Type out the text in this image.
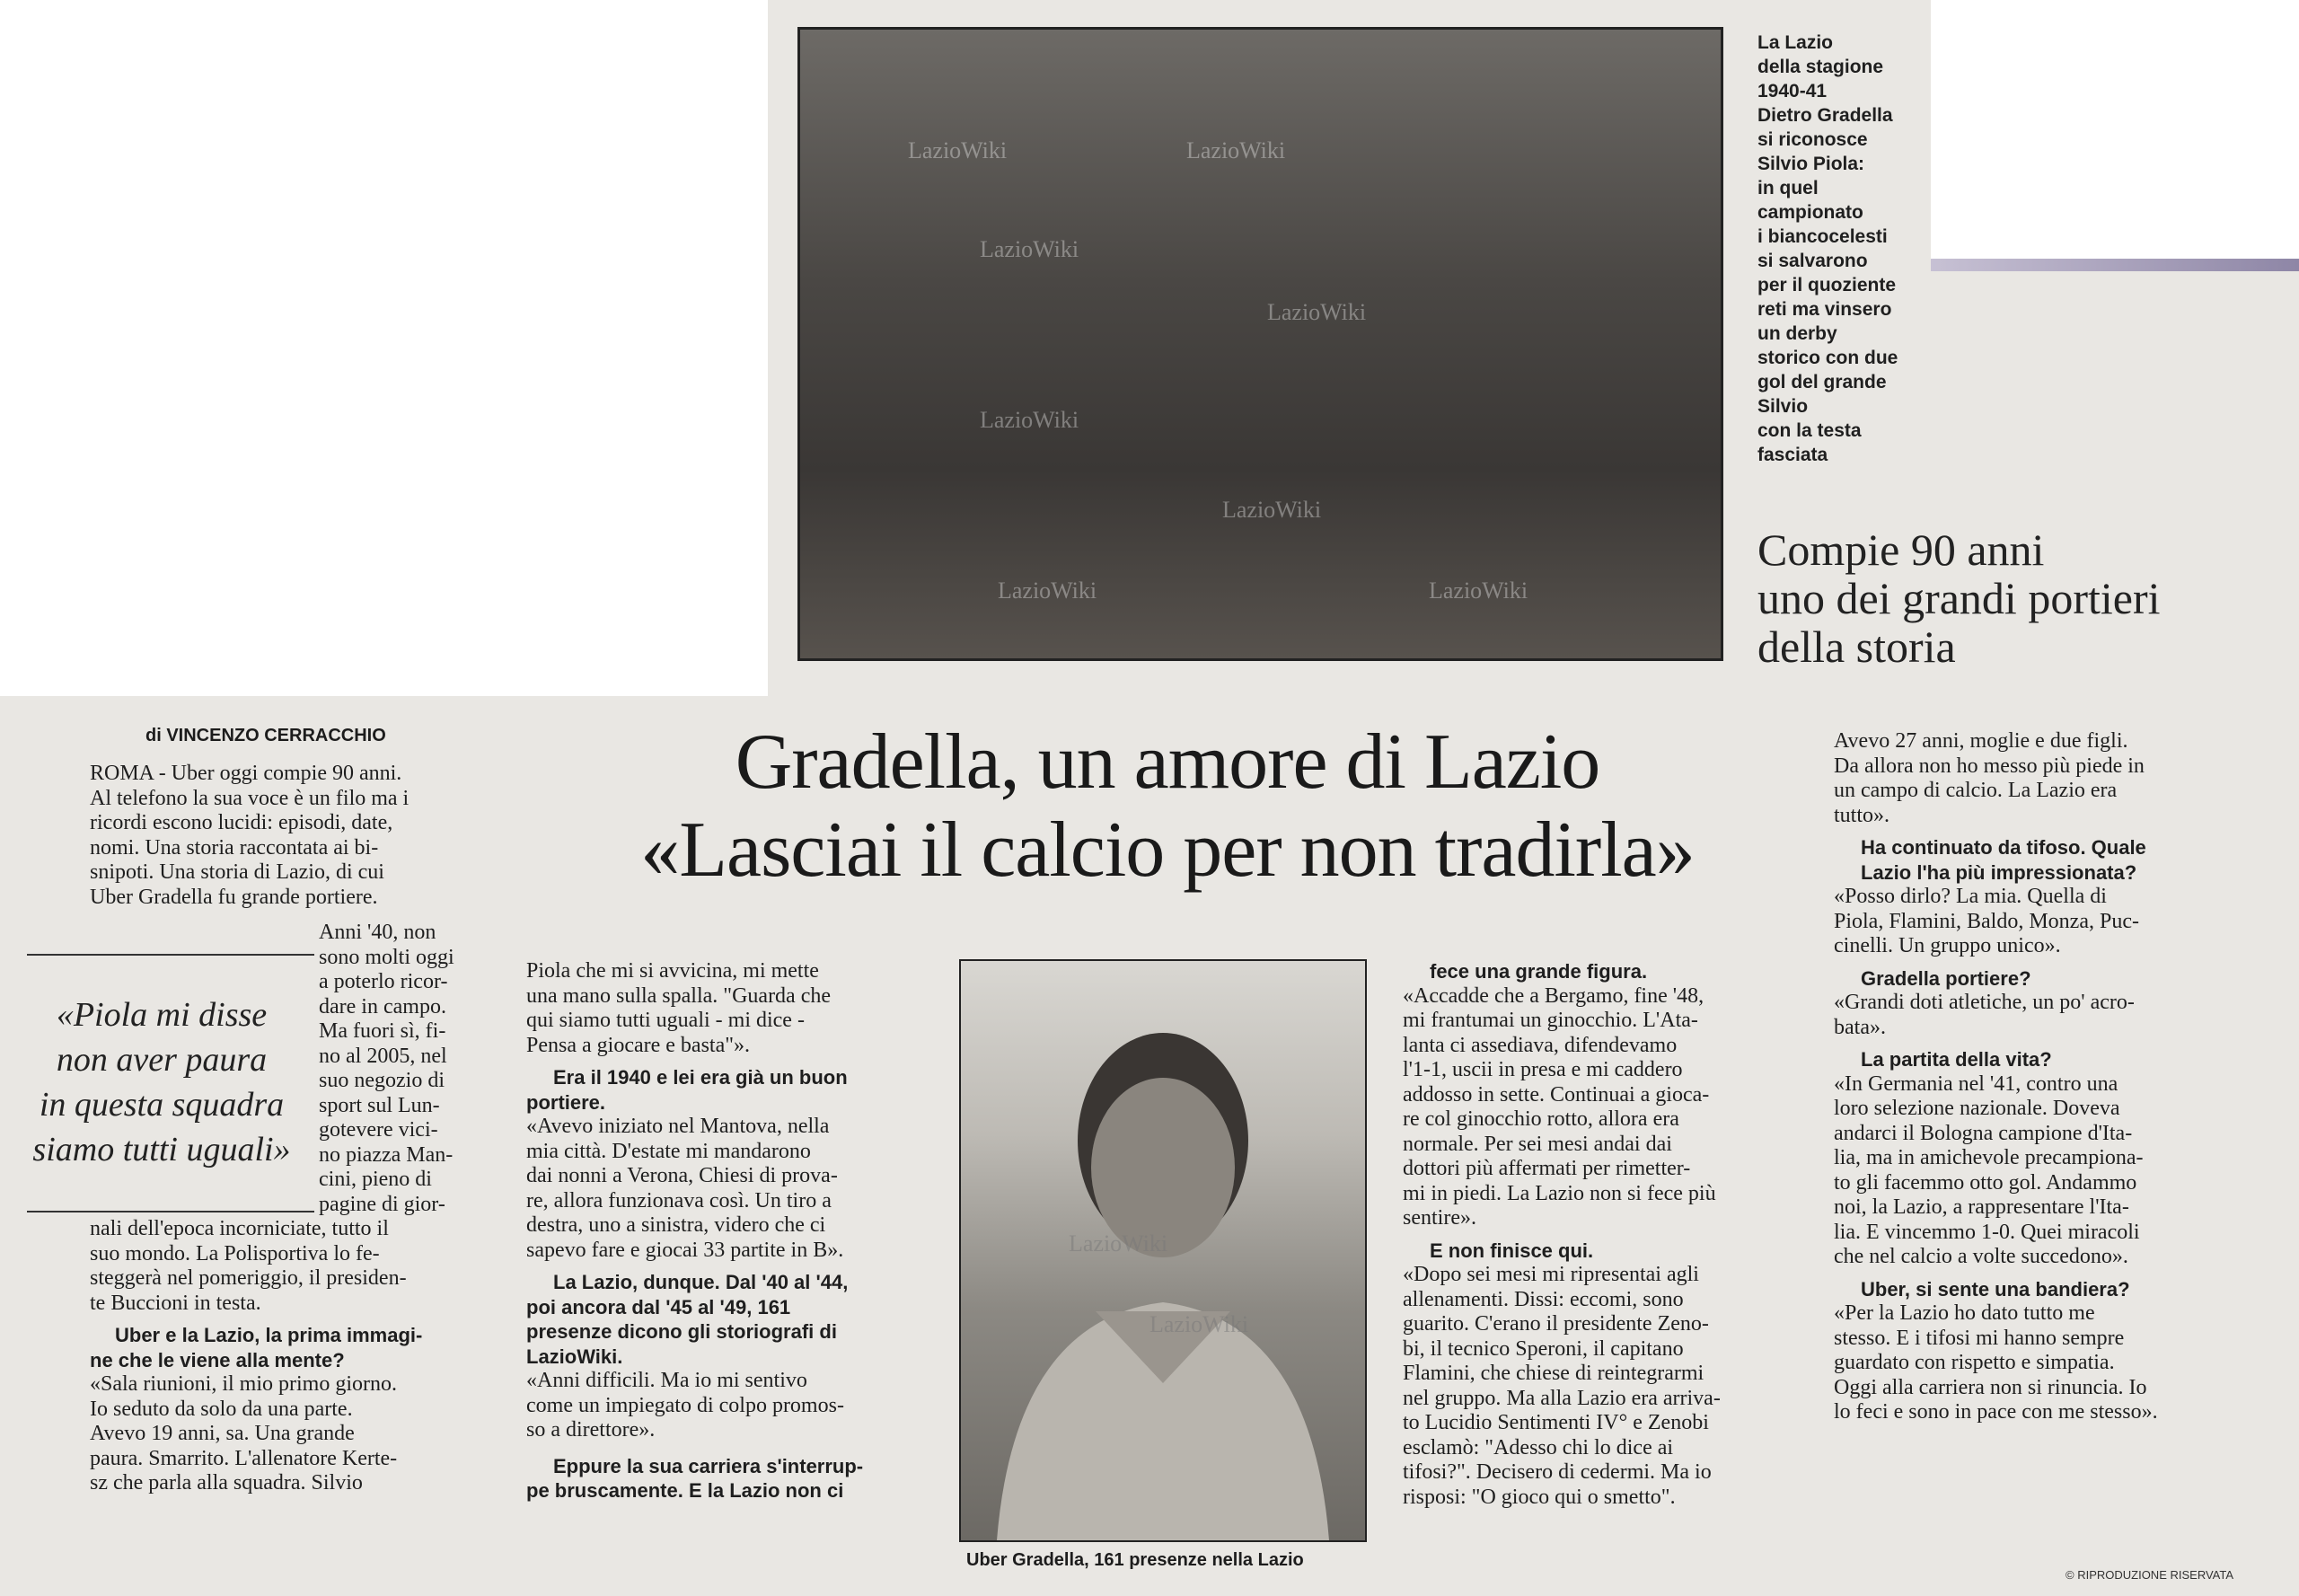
LazioWiki	LazioWiki
LazioWiki
LazioWiki
LazioWiki
LazioWiki
LazioWiki	LazioWiki
La Lazio
della stagione
1940-41
Dietro Gradella
si riconosce
Silvio Piola:
in quel
campionato
i biancocelesti
si salvarono
per il quoziente
reti ma vinsero
un derby
storico con due
gol del grande
Silvio
con la testa
fasciata
Compie 90 anni
uno dei grandi portieri
della storia
di VINCENZO CERRACCHIO	Gradella, un amore di Lazio
«Lasciai il calcio per non tradirla»
ROMA - Uber oggi compie 90 anni.
Al telefono la sua voce è un filo ma i
ricordi escono lucidi: episodi, date,
nomi. Una storia raccontata ai bi-
snipoti. Una storia di Lazio, di cui
Uber Gradella fu grande portiere.
«Piola mi disse
non aver paura
in questa squadra
siamo tutti uguali»
Anni '40, non
sono molti oggi
a poterlo ricor-
dare in campo.
Ma fuori sì, fi-
no al 2005, nel
suo negozio di
sport sul Lun-
gotevere vici-
no piazza Man-
cini, pieno di
pagine di gior-
nali dell'epoca incorniciate, tutto il
suo mondo. La Polisportiva lo fe-
steggerà nel pomeriggio, il presiden-
te Buccioni in testa.
Uber e la Lazio, la prima immagi-
ne che le viene alla mente?
«Sala riunioni, il mio primo giorno.
Io seduto da solo da una parte.
Avevo 19 anni, sa. Una grande
paura. Smarrito. L'allenatore Kerte-
sz che parla alla squadra. Silvio
Piola che mi si avvicina, mi mette
una mano sulla spalla. "Guarda che
qui siamo tutti uguali - mi dice -
Pensa a giocare e basta"».
Era il 1940 e lei era già un buon
portiere.
«Avevo iniziato nel Mantova, nella
mia città. D'estate mi mandarono
dai nonni a Verona, Chiesi di prova-
re, allora funzionava così. Un tiro a
destra, uno a sinistra, videro che ci
sapevo fare e giocai 33 partite in B».
La Lazio, dunque. Dal '40 al '44,
poi ancora dal '45 al '49, 161
presenze dicono gli storiografi di
LazioWiki.
«Anni difficili. Ma io mi sentivo
come un impiegato di colpo promos-
so a direttore».
Eppure la sua carriera s'interrup-
pe bruscamente. E la Lazio non ci
LazioWiki
LazioWiki
Uber Gradella, 161 presenze nella Lazio
fece una grande figura.
«Accadde che a Bergamo, fine '48,
mi frantumai un ginocchio. L'Ata-
lanta ci assediava, difendevamo
l'1-1, uscii in presa e mi caddero
addosso in sette. Continuai a gioca-
re col ginocchio rotto, allora era
normale. Per sei mesi andai dai
dottori più affermati per rimetter-
mi in piedi. La Lazio non si fece più
sentire».
E non finisce qui.
«Dopo sei mesi mi ripresentai agli
allenamenti. Dissi: eccomi, sono
guarito. C'erano il presidente Zeno-
bi, il tecnico Speroni, il capitano
Flamini, che chiese di reintegrarmi
nel gruppo. Ma alla Lazio era arriva-
to Lucidio Sentimenti IV° e Zenobi
esclamò: "Adesso chi lo dice ai
tifosi?". Decisero di cedermi. Ma io
risposi: "O gioco qui o smetto".
Avevo 27 anni, moglie e due figli.
Da allora non ho messo più piede in
un campo di calcio. La Lazio era
tutto».
Ha continuato da tifoso. Quale
Lazio l'ha più impressionata?
«Posso dirlo? La mia. Quella di
Piola, Flamini, Baldo, Monza, Puc-
cinelli. Un gruppo unico».
Gradella portiere?
«Grandi doti atletiche, un po' acro-
bata».
La partita della vita?
«In Germania nel '41, contro una
loro selezione nazionale. Doveva
andarci il Bologna campione d'Ita-
lia, ma in amichevole precampiona-
to gli facemmo otto gol. Andammo
noi, la Lazio, a rappresentare l'Ita-
lia. E vincemmo 1-0. Quei miracoli
che nel calcio a volte succedono».
Uber, si sente una bandiera?
«Per la Lazio ho dato tutto me
stesso. E i tifosi mi hanno sempre
guardato con rispetto e simpatia.
Oggi alla carriera non si rinuncia. Io
lo feci e sono in pace con me stesso».
© RIPRODUZIONE RISERVATA
